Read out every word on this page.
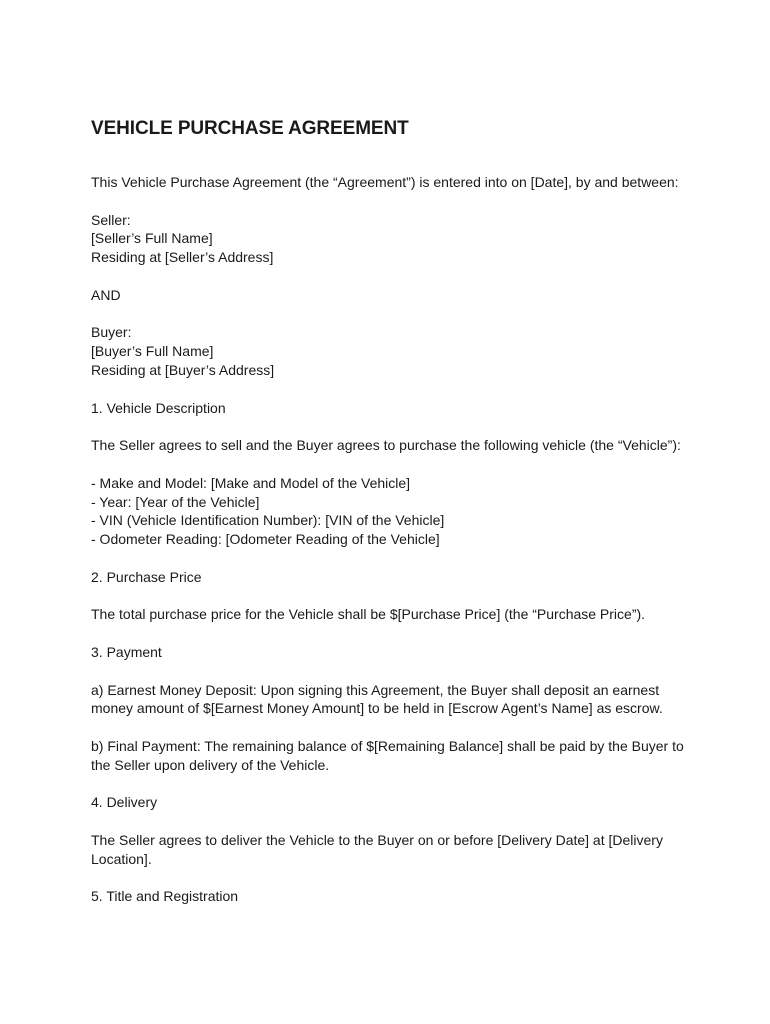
VEHICLE PURCHASE AGREEMENT
This Vehicle Purchase Agreement (the “Agreement”) is entered into on [Date], by and between:
Seller:
[Seller’s Full Name]
Residing at [Seller’s Address]
AND
Buyer:
[Buyer’s Full Name]
Residing at [Buyer’s Address]
1. Vehicle Description
The Seller agrees to sell and the Buyer agrees to purchase the following vehicle (the “Vehicle”):
- Make and Model: [Make and Model of the Vehicle]
- Year: [Year of the Vehicle]
- VIN (Vehicle Identification Number): [VIN of the Vehicle]
- Odometer Reading: [Odometer Reading of the Vehicle]
2. Purchase Price
The total purchase price for the Vehicle shall be $[Purchase Price] (the “Purchase Price”).
3. Payment
a) Earnest Money Deposit: Upon signing this Agreement, the Buyer shall deposit an earnest
money amount of $[Earnest Money Amount] to be held in [Escrow Agent’s Name] as escrow.
b) Final Payment: The remaining balance of $[Remaining Balance] shall be paid by the Buyer to
the Seller upon delivery of the Vehicle.
4. Delivery
The Seller agrees to deliver the Vehicle to the Buyer on or before [Delivery Date] at [Delivery
Location].
5. Title and Registration
